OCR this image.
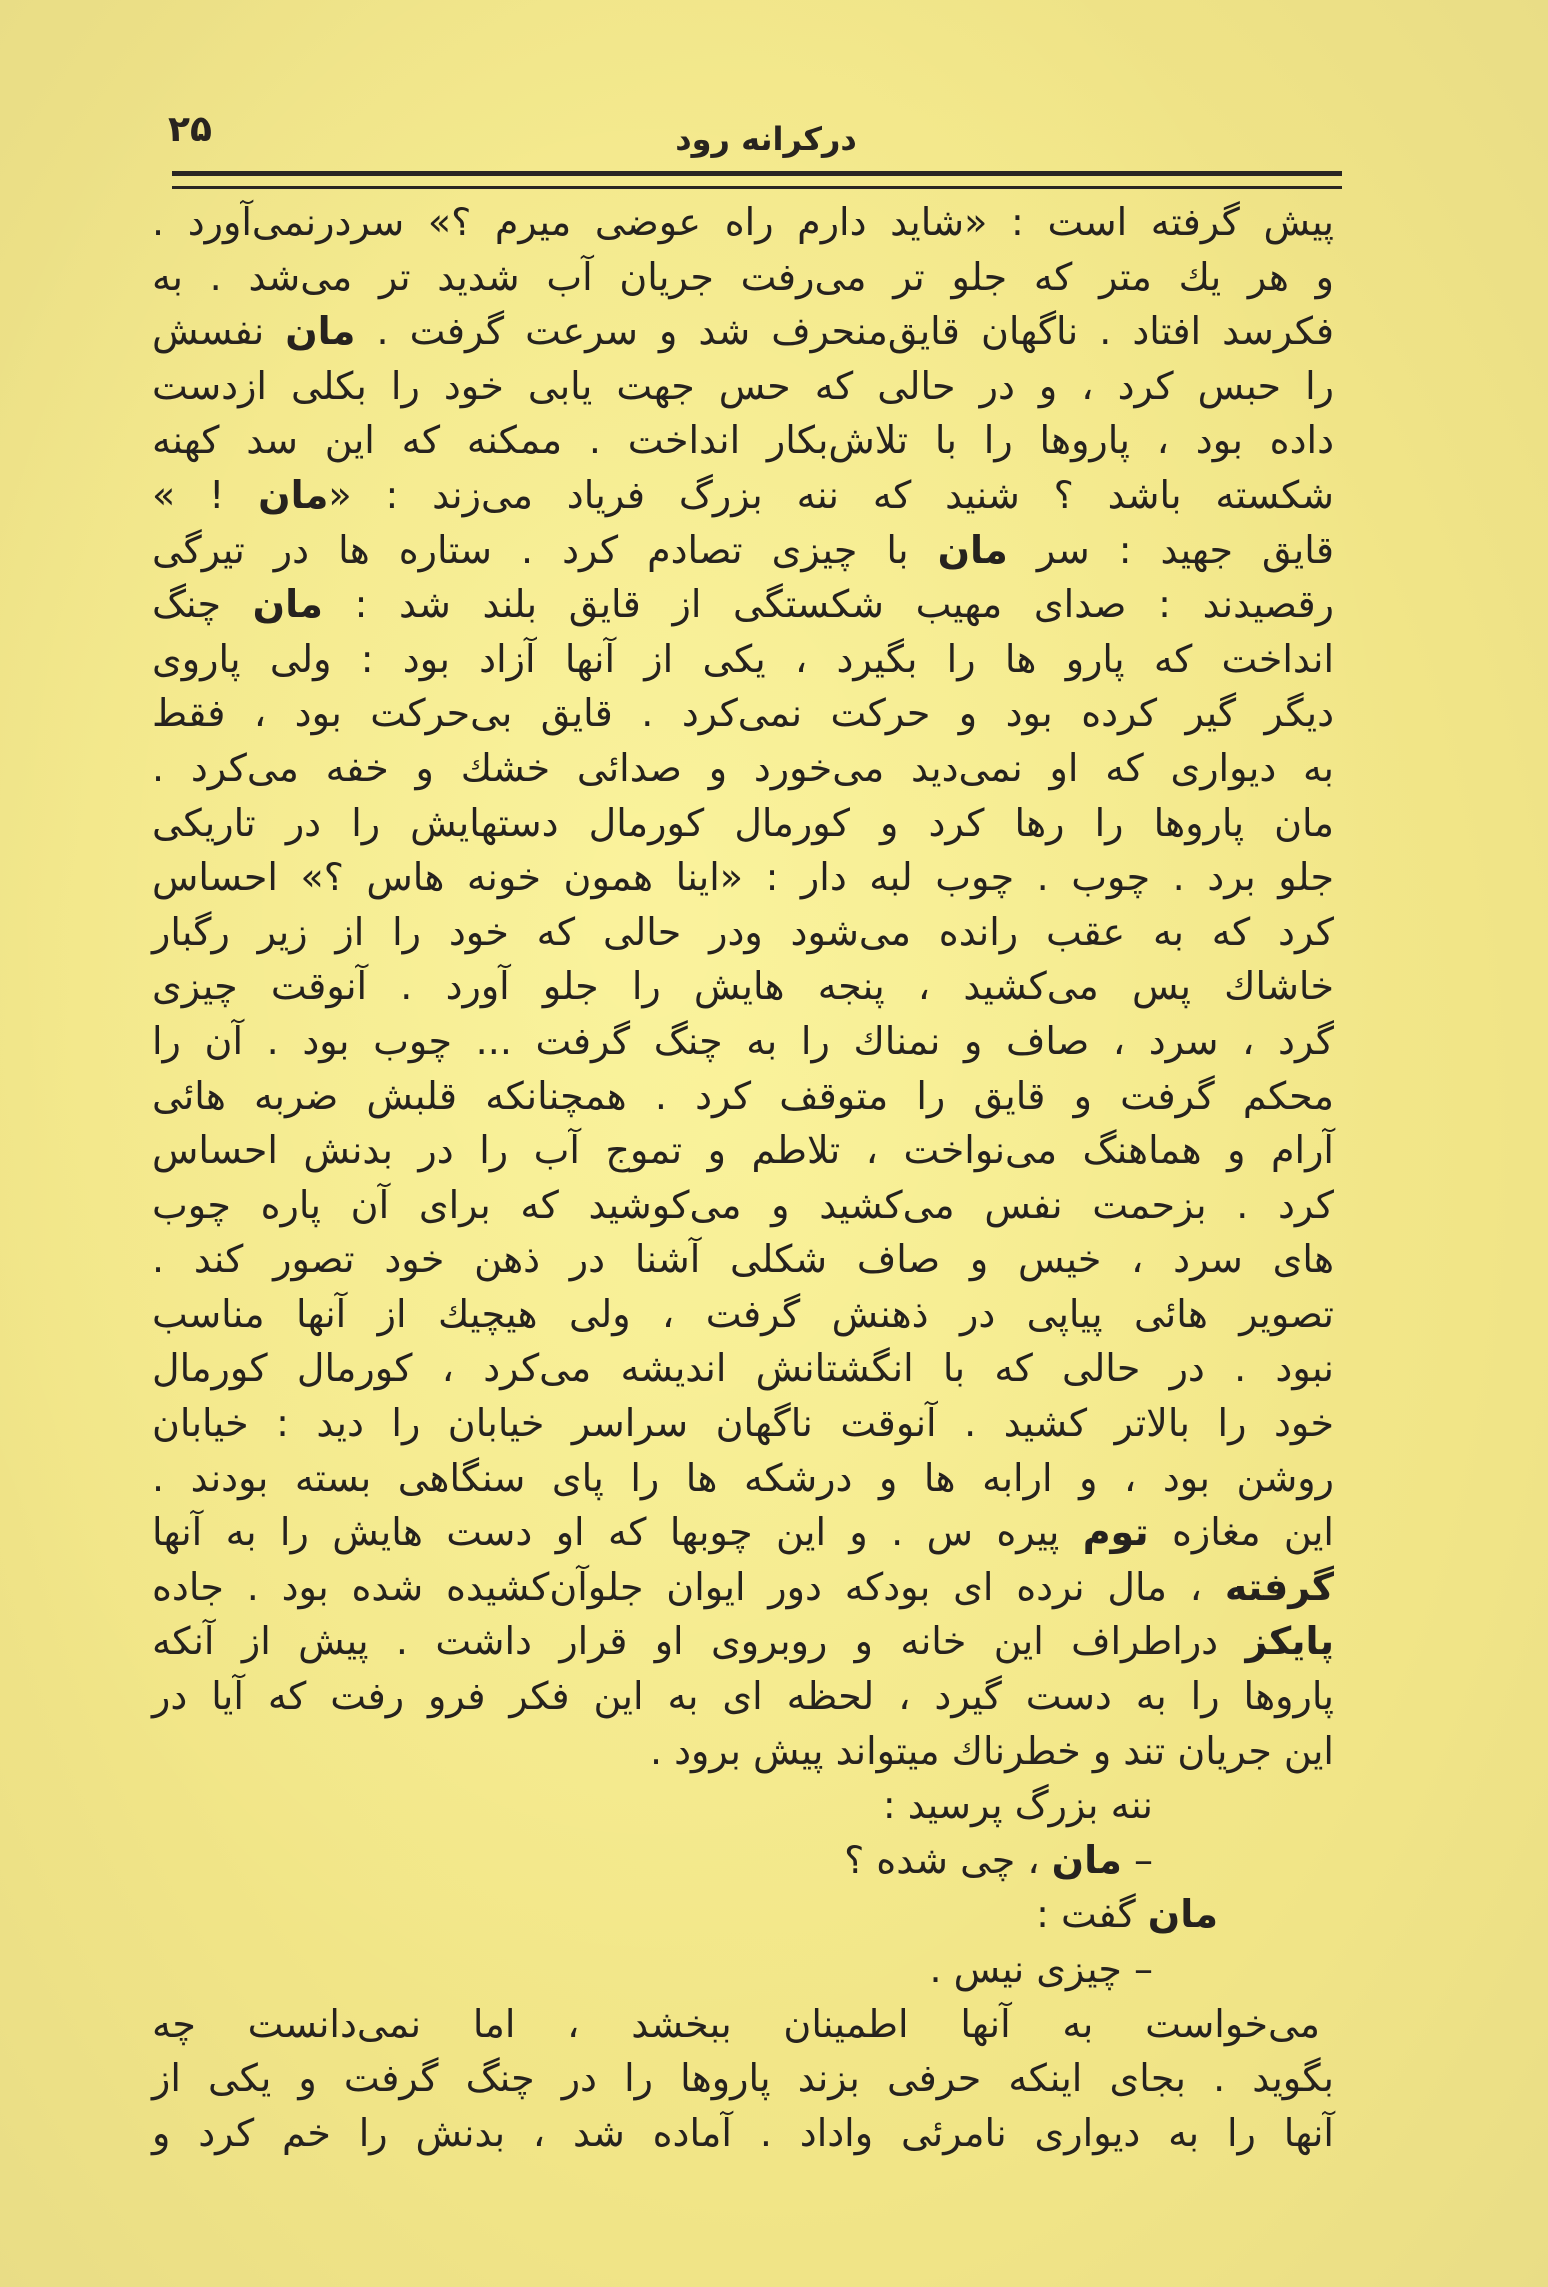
۲۵	درکرانه رود
پیش گرفته است : «شاید دارم راه عوضی میرم ؟» سردرنمی‌آورد .
و هر یك متر که جلو تر می‌رفت جریان آب شدید تر می‌شد . به
فکرسد افتاد . ناگهان قایق‌منحرف شد و سرعت گرفت . مان نفسش
را حبس کرد ، و در حالی که حس جهت یابی خود را بکلی ازدست
داده بود ، پاروها را با تلاش‌بکار انداخت . ممکنه که این سد کهنه
شکسته باشد ؟ شنید که ننه بزرگ فریاد می‌زند : «مان ! »
قایق جهید : سر مان با چیزی تصادم کرد . ستاره ها در تیرگی
رقصیدند : صدای مهیب شکستگی از قایق بلند شد : مان چنگ
انداخت که پارو ها را بگیرد ، یکی از آنها آزاد بود : ولی پاروی
دیگر گیر کرده بود و حرکت نمی‌کرد . قایق بی‌حرکت بود ، فقط
به دیواری که او نمی‌دید می‌خورد و صدائی خشك و خفه می‌کرد .
مان پاروها را رها کرد و کورمال کورمال دستهایش را در تاریکی
جلو برد . چوب . چوب لبه دار : «اینا همون خونه هاس ؟» احساس
کرد که به عقب رانده می‌شود ودر حالی که خود را از زیر رگبار
خاشاك پس می‌کشید ، پنجه هایش را جلو آورد . آنوقت چیزی
گرد ، سرد ، صاف و نمناك را به چنگ گرفت ... چوب بود . آن را
محکم گرفت و قایق را متوقف کرد . همچنانکه قلبش ضربه هائی
آرام و هماهنگ می‌نواخت ، تلاطم و تموج آب را در بدنش احساس
کرد . بزحمت نفس می‌کشید و می‌کوشید که برای آن پاره چوب
های سرد ، خیس و صاف شکلی آشنا در ذهن خود تصور کند .
تصویر هائی پیاپی در ذهنش گرفت ، ولی هیچیك از آنها مناسب
نبود . در حالی که با انگشتانش اندیشه می‌کرد ، کورمال کورمال
خود را بالاتر کشید . آنوقت ناگهان سراسر خیابان را دید : خیابان
روشن بود ، و ارابه ها و درشکه ها را پای سنگاهی بسته بودند .
این مغازه توم پیره س . و این چوبها که او دست هایش را به آنها
گرفته ، مال نرده ای بودکه دور ایوان جلوآن‌کشیده شده بود . جاده
پایکز دراطراف این خانه و روبروی او قرار داشت . پیش از آنکه
پاروها را به دست گیرد ، لحظه ای به این فکر فرو رفت که آیا در
این جریان تند و خطرناك میتواند پیش برود .
ننه بزرگ پرسید :
– مان ، چی شده ؟
مان گفت :
– چیزی نیس .
می‌خواست به آنها اطمینان ببخشد ، اما نمی‌دانست چه
بگوید . بجای اینکه حرفی بزند پاروها را در چنگ گرفت و یکی از
آنها را به دیواری نامرئی واداد . آماده شد ، بدنش را خم کرد و
